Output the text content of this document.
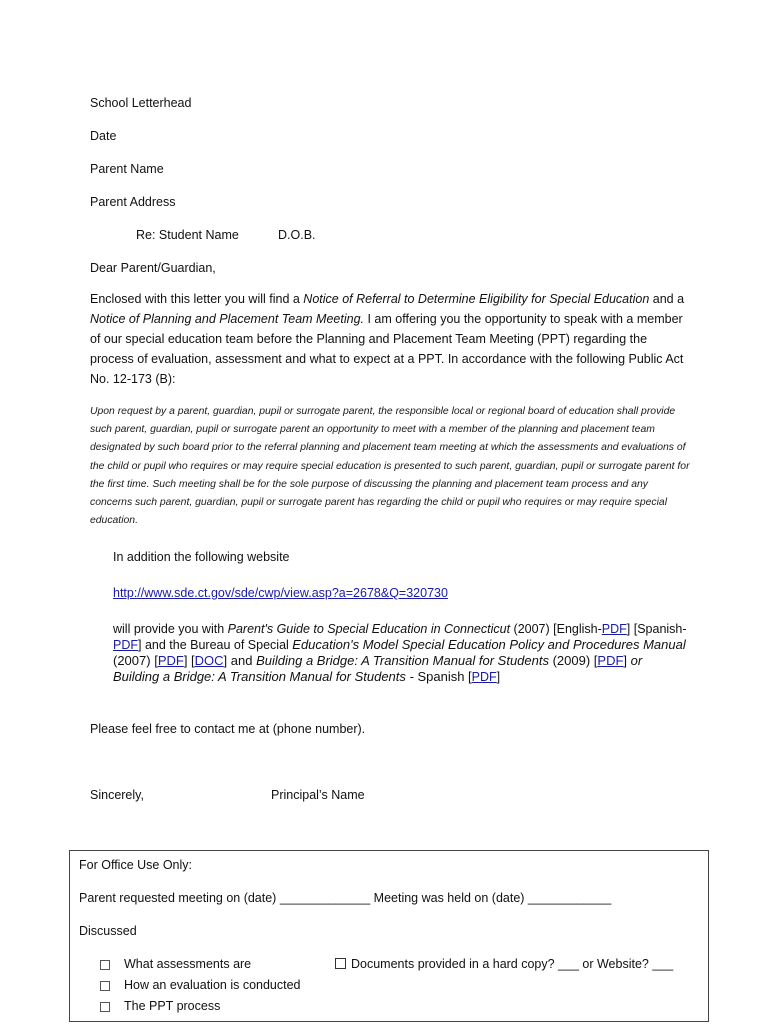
School Letterhead
Date
Parent Name
Parent Address
Re: Student Name	D.O.B.
Dear Parent/Guardian,
Enclosed with this letter you will find a Notice of Referral to Determine Eligibility for Special Education and a Notice of Planning and Placement Team Meeting. I am offering you the opportunity to speak with a member of our special education team before the Planning and Placement Team Meeting (PPT) regarding the process of evaluation, assessment and what to expect at a PPT. In accordance with the following Public Act No. 12-173 (B):
Upon request by a parent, guardian, pupil or surrogate parent, the responsible local or regional board of education shall provide such parent, guardian, pupil or surrogate parent an opportunity to meet with a member of the planning and placement team designated by such board prior to the referral planning and placement team meeting at which the assessments and evaluations of the child or pupil who requires or may require special education is presented to such parent, guardian, pupil or surrogate parent for the first time. Such meeting shall be for the sole purpose of discussing the planning and placement team process and any concerns such parent, guardian, pupil or surrogate parent has regarding the child or pupil who requires or may require special education.
In addition the following website
http://www.sde.ct.gov/sde/cwp/view.asp?a=2678&Q=320730
will provide you with Parent's Guide to Special Education in Connecticut (2007) [English-PDF] [Spanish-PDF] and the Bureau of Special Education's Model Special Education Policy and Procedures Manual (2007) [PDF] [DOC] and Building a Bridge: A Transition Manual for Students (2009) [PDF] or Building a Bridge: A Transition Manual for Students - Spanish [PDF]
Please feel free to contact me at (phone number).
Sincerely,	Principal’s Name
For Office Use Only:
Parent requested meeting on (date) _____________ Meeting was held on (date) ____________
Discussed
What assessments are
How an evaluation is conducted
The PPT process
Documents provided in a hard copy? ___ or Website? ___
